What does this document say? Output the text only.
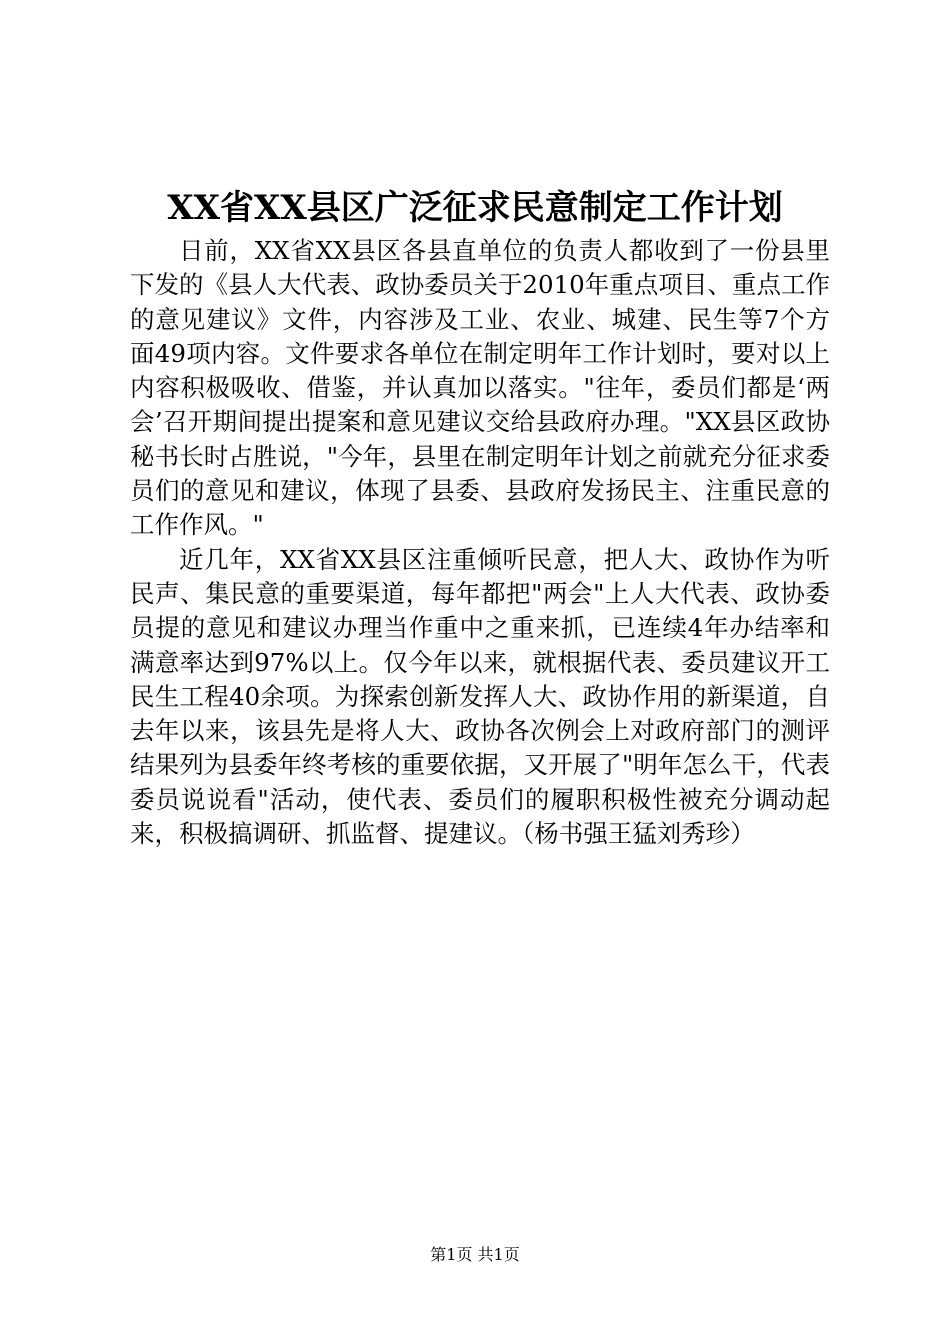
XX省XX县区广泛征求民意制定工作计划

日前，XX省XX县区各县直单位的负责人都收到了一份县里下发的《县人大代表、政协委员关于2010年重点项目、重点工作的意见建议》文件，内容涉及工业、农业、城建、民生等7个方面49项内容。文件要求各单位在制定明年工作计划时，要对以上内容积极吸收、借鉴，并认真加以落实。"往年，委员们都是‘两会’召开期间提出提案和意见建议交给县政府办理。"XX县区政协秘书长时占胜说，"今年，县里在制定明年计划之前就充分征求委员们的意见和建议，体现了县委、县政府发扬民主、注重民意的工作作风。"

近几年，XX省XX县区注重倾听民意，把人大、政协作为听民声、集民意的重要渠道，每年都把"两会"上人大代表、政协委员提的意见和建议办理当作重中之重来抓，已连续4年办结率和满意率达到97%以上。仅今年以来，就根据代表、委员建议开工民生工程40余项。为探索创新发挥人大、政协作用的新渠道，自去年以来，该县先是将人大、政协各次例会上对政府部门的测评结果列为县委年终考核的重要依据，又开展了"明年怎么干，代表委员说说看"活动，使代表、委员们的履职积极性被充分调动起来，积极搞调研、抓监督、提建议。（杨书强王猛刘秀珍）

第1页 共1页
